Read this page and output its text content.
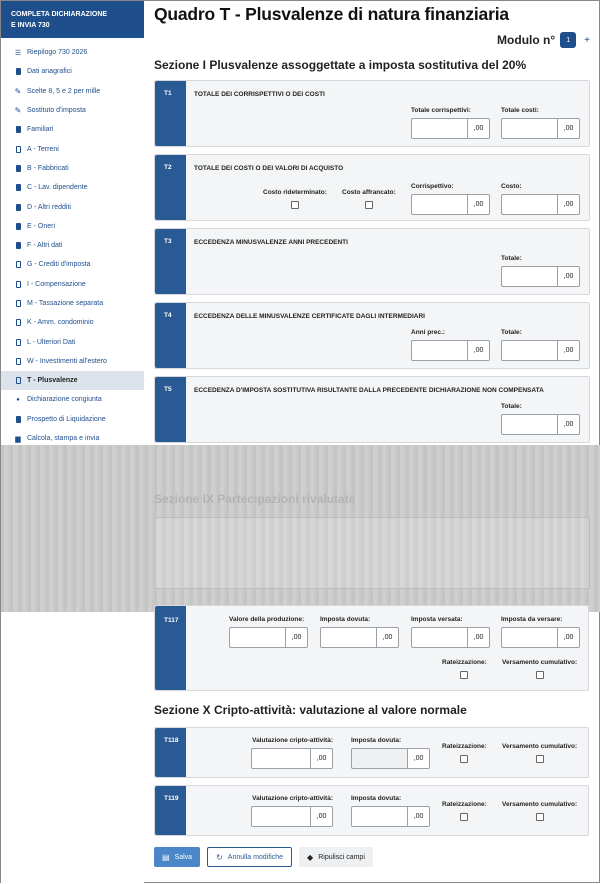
COMPLETA DICHIARAZIONE
E INVIA 730
☰ Riepilogo 730 2026
Dati anagrafici
✎ Scelte 8, 5 e 2 per mille
✎ Sostituto d'imposta
Familiari
A - Terreni
B - Fabbricati
C - Lav. dipendente
D - Altri redditi
E - Oneri
F - Altri dati
G - Crediti d'imposta
I - Compensazione
M - Tassazione separata
K - Amm. condominio
L - Ulteriori Dati
W - Investimenti all'estero
T - Plusvalenze
●	Dichiarazione congiunta
Prospetto di Liquidazione
▆ Calcola, stampa e invia
Quadro T - Plusvalenze di natura finanziaria
Modulo n°	1	+
Sezione I Plusvalenze assoggettate a imposta sostitutiva del 20%
T1	TOTALE DEI CORRISPETTIVI O DEI COSTI
Totale corrispettivi:
,00
Totale costi:
,00
T2	TOTALE DEI COSTI O DEI VALORI DI ACQUISTO
Costo rideterminato: Costo affrancato:
Corrispettivo:
,00
Costo:
,00
T3	ECCEDENZA MINUSVALENZE ANNI PRECEDENTI
Totale:
,00
T4	ECCEDENZA DELLE MINUSVALENZE CERTIFICATE DAGLI INTERMEDIARI
Anni prec.:
,00
Totale:
,00
T5	ECCEDENZA D'IMPOSTA SOSTITUTIVA RISULTANTE DALLA PRECEDENTE DICHIARAZIONE NON COMPENSATA
Totale:
,00
Sezione IX Partecipazioni rivalutate
T117	Valore della produzione:
,00
Imposta dovuta:
,00
Imposta versata:
,00
Imposta da versare:
,00
Rateizzazione: Versamento cumulativo:
Sezione X Cripto-attività: valutazione al valore normale
T118	Valutazione cripto-attività:
,00
Imposta dovuta:
,00
Rateizzazione: Versamento cumulativo:
T119	Valutazione cripto-attività:
,00
Imposta dovuta:
,00
Rateizzazione: Versamento cumulativo:
▤ Salva	↻ Annulla modifiche	◆ Ripulisci campi
